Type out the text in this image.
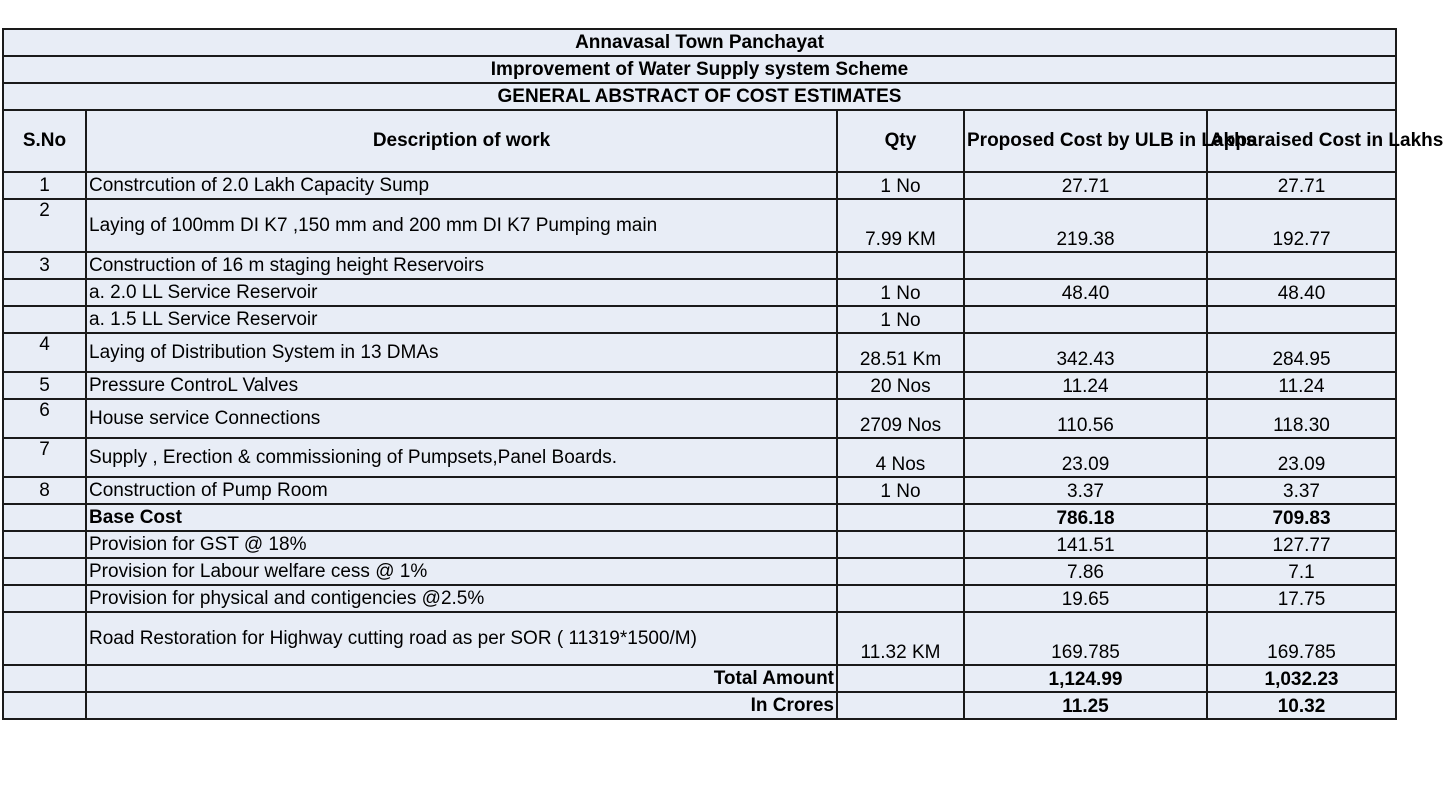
Annavasal Town Panchayat				
Improvement of Water Supply system Scheme				
GENERAL ABSTRACT OF COST ESTIMATES				
S.No	Description of work	Qty	Proposed Cost by ULB in Lakhs	Apparaised Cost in Lakhs
1	Constrcution of 2.0 Lakh Capacity Sump	1 No	27.71	27.71
2	Laying of 100mm DI K7 ,150 mm and 200 mm DI K7 Pumping main	7.99 KM	219.38	192.77
3	Construction of 16 m staging height Reservoirs			
	a. 2.0 LL Service Reservoir	1 No	48.40	48.40
	a. 1.5 LL Service Reservoir	1 No		
4	Laying of Distribution System in 13 DMAs	28.51 Km	342.43	284.95
5	Pressure ControL Valves	20 Nos	11.24	11.24
6	House service Connections	2709 Nos	110.56	118.30
7	Supply , Erection & commissioning of Pumpsets,Panel Boards.	4 Nos	23.09	23.09
8	Construction of Pump Room	1 No	3.37	3.37
	Base Cost		786.18	709.83
	Provision for GST @ 18%		141.51	127.77
	Provision for Labour welfare cess @ 1%		7.86	7.1
	Provision for physical and contigencies @2.5%		19.65	17.75
	Road Restoration for Highway cutting road as per SOR ( 11319*1500/M)	11.32 KM	169.785	169.785
	Total Amount		1,124.99	1,032.23
	In Crores		11.25	10.32
